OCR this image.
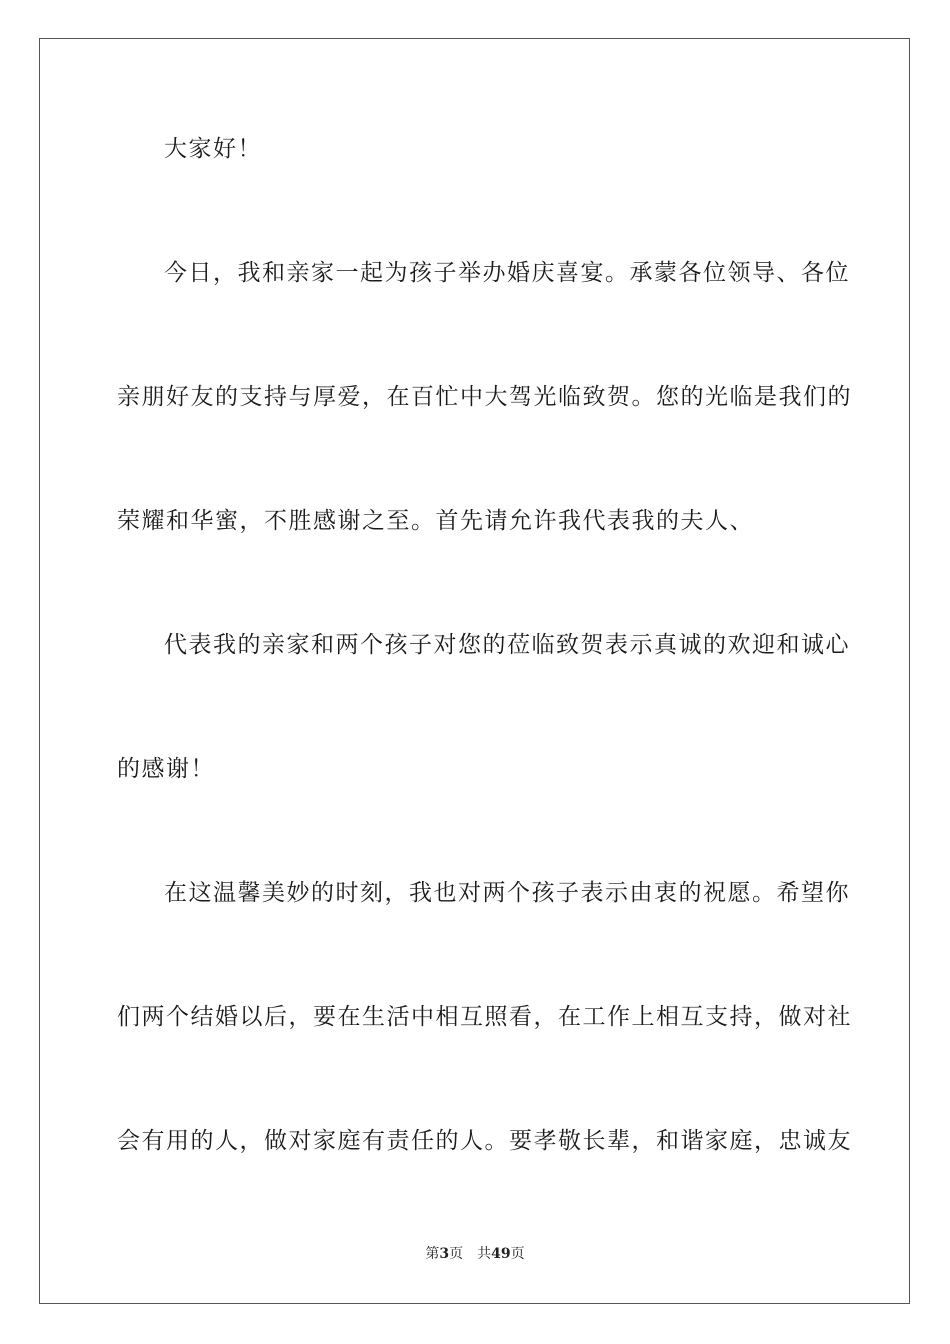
大家好！
今日，我和亲家一起为孩子举办婚庆喜宴。承蒙各位领导、各位
亲朋好友的支持与厚爱，在百忙中大驾光临致贺。您的光临是我们的
荣耀和华蜜，不胜感谢之至。首先请允许我代表我的夫人、
代表我的亲家和两个孩子对您的莅临致贺表示真诚的欢迎和诚心
的感谢！
在这温馨美妙的时刻，我也对两个孩子表示由衷的祝愿。希望你
们两个结婚以后，要在生活中相互照看，在工作上相互支持，做对社
会有用的人，做对家庭有责任的人。要孝敬长辈，和谐家庭，忠诚友
第3页 共49页
